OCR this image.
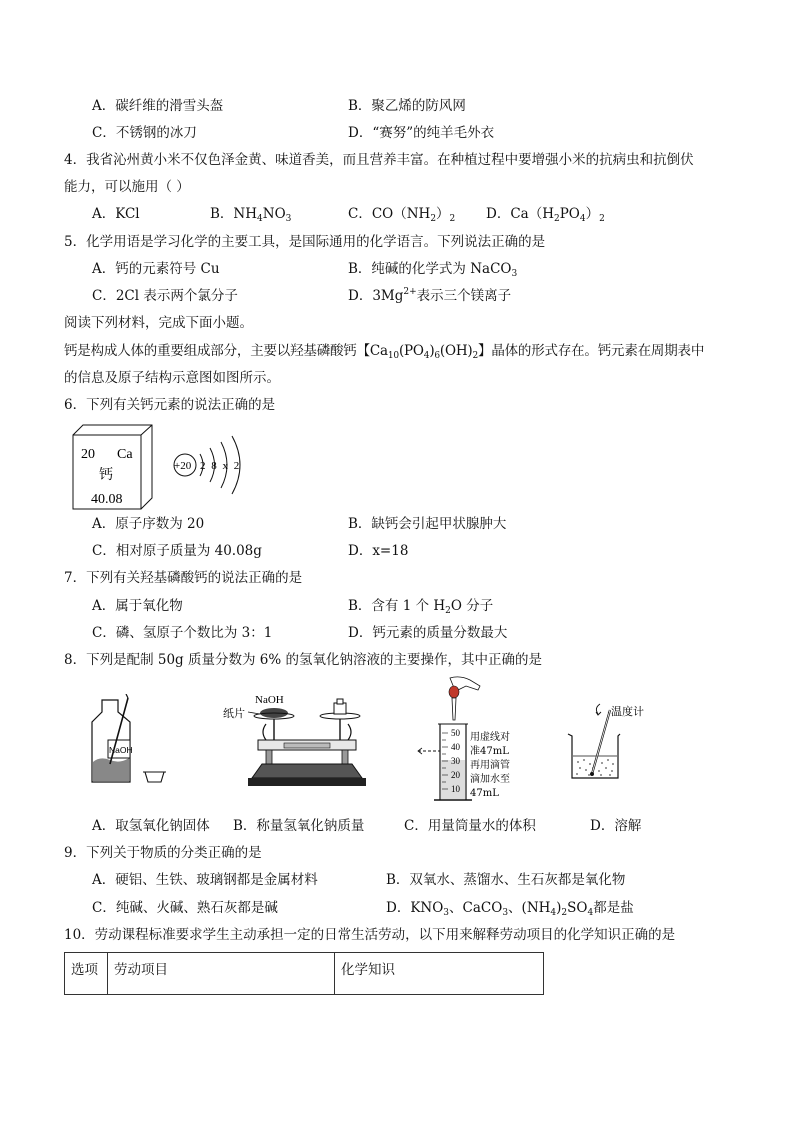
A．碳纤维的滑雪头盔	B．聚乙烯的防风网
C．不锈钢的冰刀	D．“赛努”的纯羊毛外衣
4．我省沁州黄小米不仅色泽金黄、味道香美，而且营养丰富。在种植过程中要增强小米的抗病虫和抗倒伏
能力，可以施用（ ）
A．KCl	B．$NH_4NO_3$	C．$CO(NH_2)_2$ D．$Ca(H_2PO_4)_2$
5．化学用语是学习化学的主要工具，是国际通用的化学语言。下列说法正确的是
A．钙的元素符号 Cu	B．纯碱的化学式为 NaCO$_3$
C．2Cl 表示两个氯分子	D．$3Mg^{2+}$表示三个镁离子
阅读下列材料，完成下面小题。
钙是构成人体的重要组成部分，主要以羟基磷酸钙【$Ca_{10}(PO_4)_6(OH)_2$】晶体的形式存在。钙元素在周期表中
的信息及原子结构示意图如图所示。
6．下列有关钙元素的说法正确的是
20 Ca
钙
40.08
+20 2 8 x 2
A．原子序数为 20	B．缺钙会引起甲状腺肿大
C．相对原子质量为 40.08g	D．x=18
7．下列有关羟基磷酸钙的说法正确的是
A．属于氧化物	B．含有 1 个 $H_2O$ 分子
C．磷、氢原子个数比为 3：1	D．钙元素的质量分数最大
8．下列是配制 50g 质量分数为 6% 的氢氧化钠溶液的主要操作，其中正确的是
NaOH
NaOH
纸片
50
40
30
20
10
用虚线对
准47mL
再用滴管
滴加水至
47mL
温度计
A．取氢氧化钠固体 B．称量氢氧化钠质量	C．用量筒量水的体积	D．溶解
9．下列关于物质的分类正确的是
A．硬铝、生铁、玻璃钢都是金属材料	B．双氧水、蒸馏水、生石灰都是氧化物
C．纯碱、火碱、熟石灰都是碱	D．$KNO_3$、CaCO$_3$、$(NH_4)_2SO_4$都是盐
10．劳动课程标准要求学生主动承担一定的日常生活劳动，以下用来解释劳动项目的化学知识正确的是
选项	劳动项目	化学知识
